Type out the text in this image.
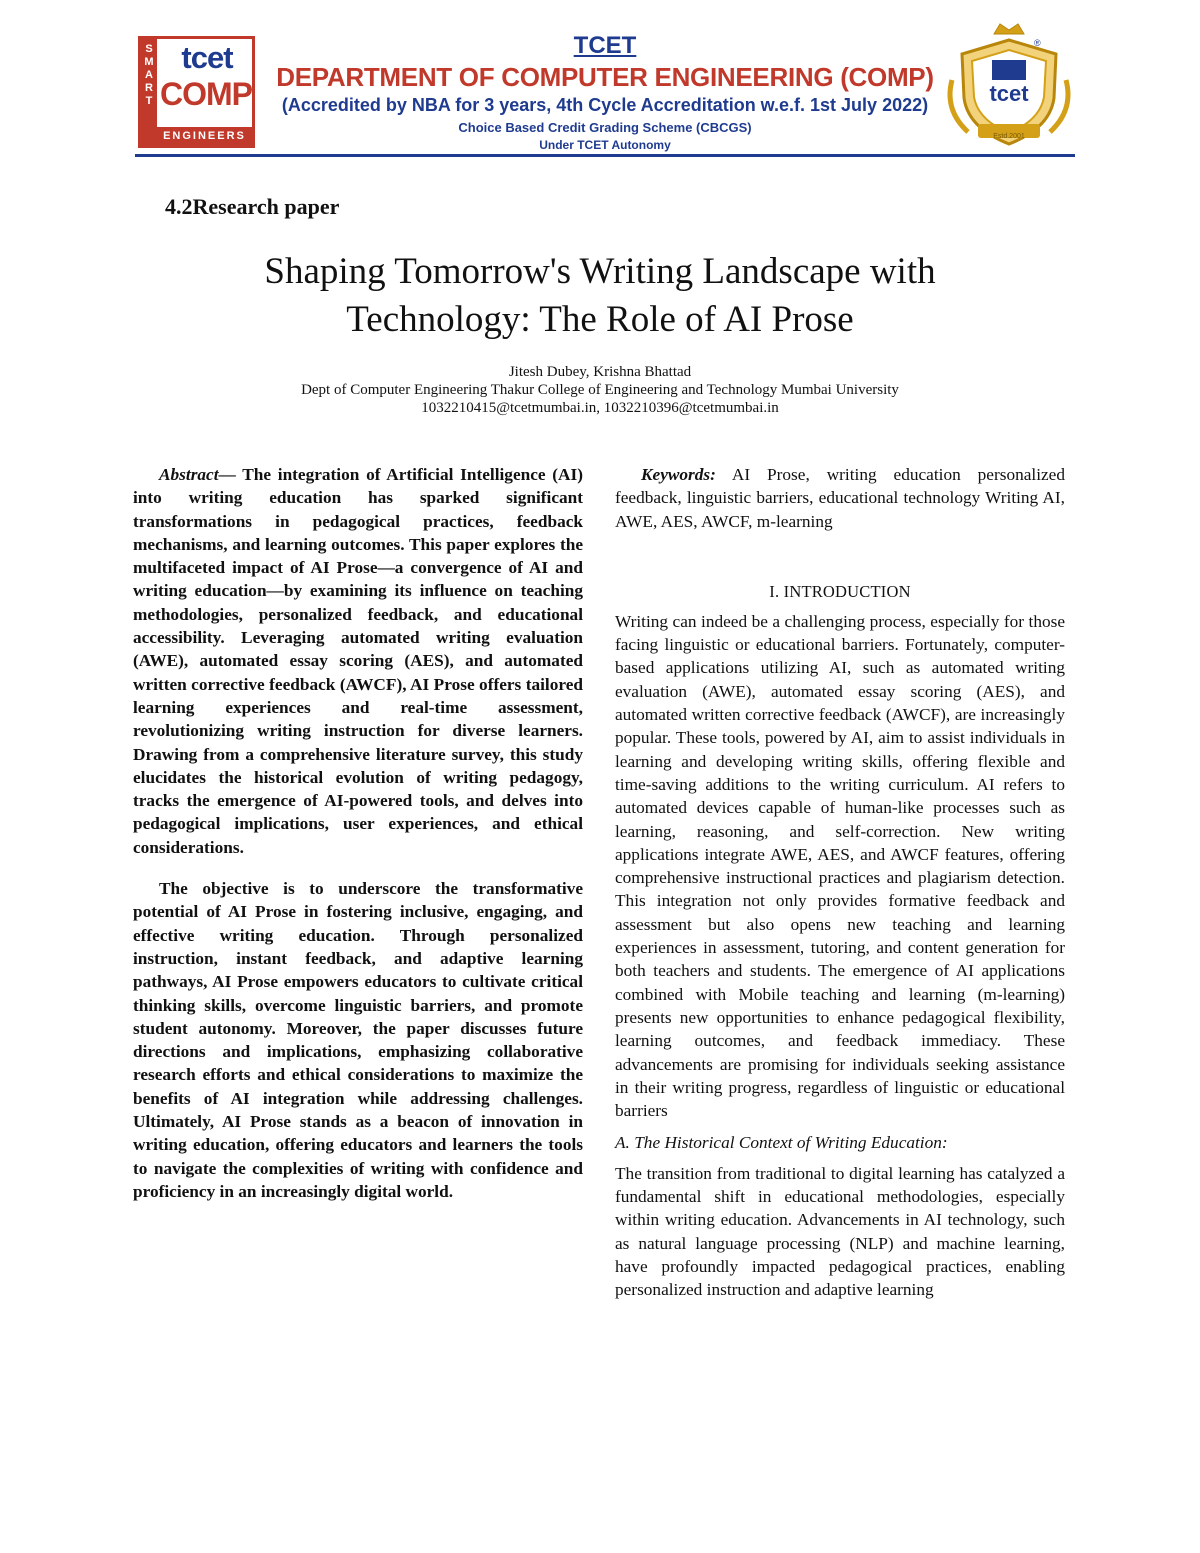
S
M
A
R
T
tcet
COMP
ENGINEERS
TCET
DEPARTMENT OF COMPUTER ENGINEERING (COMP)
(Accredited by NBA for 3 years, 4th Cycle Accreditation w.e.f. 1st July 2022)
Choice Based Credit Grading Scheme (CBCGS)
Under TCET Autonomy
®
tcet
Estd.2001
4.2Research paper
Shaping Tomorrow's Writing Landscape with
Technology: The Role of AI Prose
Jitesh Dubey, Krishna Bhattad
Dept of Computer Engineering Thakur College of Engineering and Technology Mumbai University
1032210415@tcetmumbai.in, 1032210396@tcetmumbai.in

Abstract— The integration of Artificial Intelligence (AI) into writing education has sparked significant transformations in pedagogical practices, feedback mechanisms, and learning outcomes. This paper explores the multifaceted impact of AI Prose—a convergence of AI and writing education—by examining its influence on teaching methodologies, personalized feedback, and educational accessibility. Leveraging automated writing evaluation (AWE), automated essay scoring (AES), and automated written corrective feedback (AWCF), AI Prose offers tailored learning experiences and real-time assessment, revolutionizing writing instruction for diverse learners. Drawing from a comprehensive literature survey, this study elucidates the historical evolution of writing pedagogy, tracks the emergence of AI-powered tools, and delves into pedagogical implications, user experiences, and ethical considerations.

The objective is to underscore the transformative potential of AI Prose in fostering inclusive, engaging, and effective writing education. Through personalized instruction, instant feedback, and adaptive learning pathways, AI Prose empowers educators to cultivate critical thinking skills, overcome linguistic barriers, and promote student autonomy. Moreover, the paper discusses future directions and implications, emphasizing collaborative research efforts and ethical considerations to maximize the benefits of AI integration while addressing challenges. Ultimately, AI Prose stands as a beacon of innovation in writing education, offering educators and learners the tools to navigate the complexities of writing with confidence and proficiency in an increasingly digital world.

Keywords: AI Prose, writing education personalized feedback, linguistic barriers, educational technology Writing AI, AWE, AES, AWCF, m-learning

I. INTRODUCTION

Writing can indeed be a challenging process, especially for those facing linguistic or educational barriers. Fortunately, computer-based applications utilizing AI, such as automated writing evaluation (AWE), automated essay scoring (AES), and automated written corrective feedback (AWCF), are increasingly popular. These tools, powered by AI, aim to assist individuals in learning and developing writing skills, offering flexible and time-saving additions to the writing curriculum. AI refers to automated devices capable of human-like processes such as learning, reasoning, and self-correction. New writing applications integrate AWE, AES, and AWCF features, offering comprehensive instructional practices and plagiarism detection. This integration not only provides formative feedback and assessment but also opens new teaching and learning experiences in assessment, tutoring, and content generation for both teachers and students. The emergence of AI applications combined with Mobile teaching and learning (m-learning) presents new opportunities to enhance pedagogical flexibility, learning outcomes, and feedback immediacy. These advancements are promising for individuals seeking assistance in their writing progress, regardless of linguistic or educational barriers

A. The Historical Context of Writing Education:

The transition from traditional to digital learning has catalyzed a fundamental shift in educational methodologies, especially within writing education. Advancements in AI technology, such as natural language processing (NLP) and machine learning, have profoundly impacted pedagogical practices, enabling personalized instruction and adaptive learning
